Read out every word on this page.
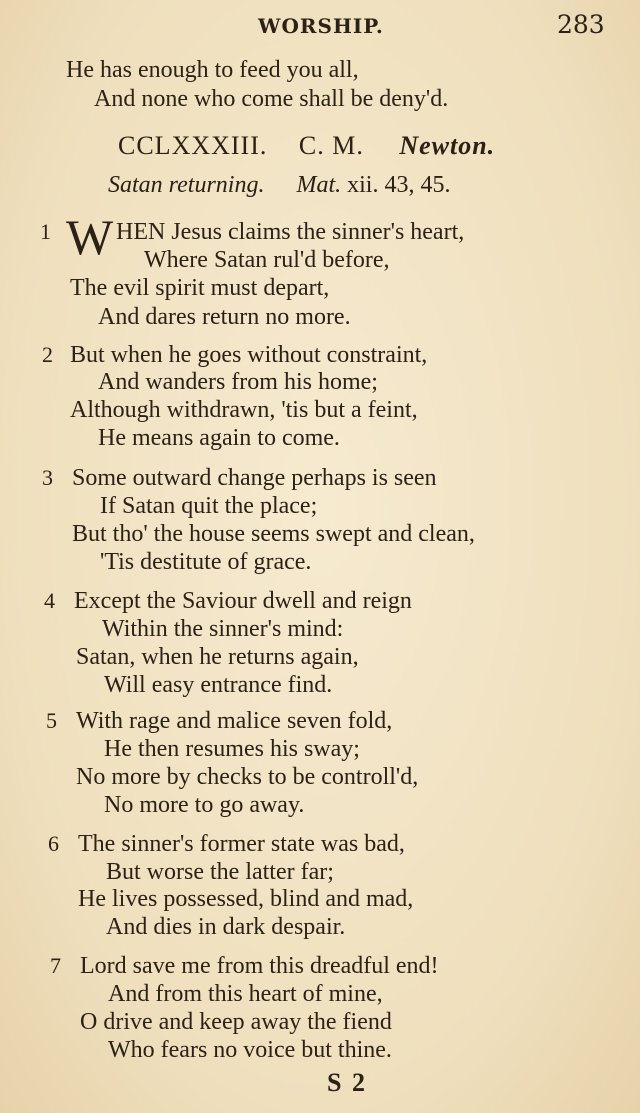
WORSHIP.	283
He has enough to feed you all,
And none who come shall be deny'd.
CCLXXXIII. C. M. Newton.
Satan returning. Mat. xii. 43, 45.
1 W HEN Jesus claims the sinner's heart,
Where Satan rul'd before,
The evil spirit must depart,
And dares return no more.
2 But when he goes without constraint,
And wanders from his home;
Although withdrawn, 'tis but a feint,
He means again to come.
3 Some outward change perhaps is seen
If Satan quit the place;
But tho' the house seems swept and clean,
'Tis destitute of grace.
4 Except the Saviour dwell and reign
Within the sinner's mind:
Satan, when he returns again,
Will easy entrance find.
5 With rage and malice seven fold,
He then resumes his sway;
No more by checks to be controll'd,
No more to go away.
6 The sinner's former state was bad,
But worse the latter far;
He lives possessed, blind and mad,
And dies in dark despair.
7 Lord save me from this dreadful end!
And from this heart of mine,
O drive and keep away the fiend
Who fears no voice but thine.
S 2
